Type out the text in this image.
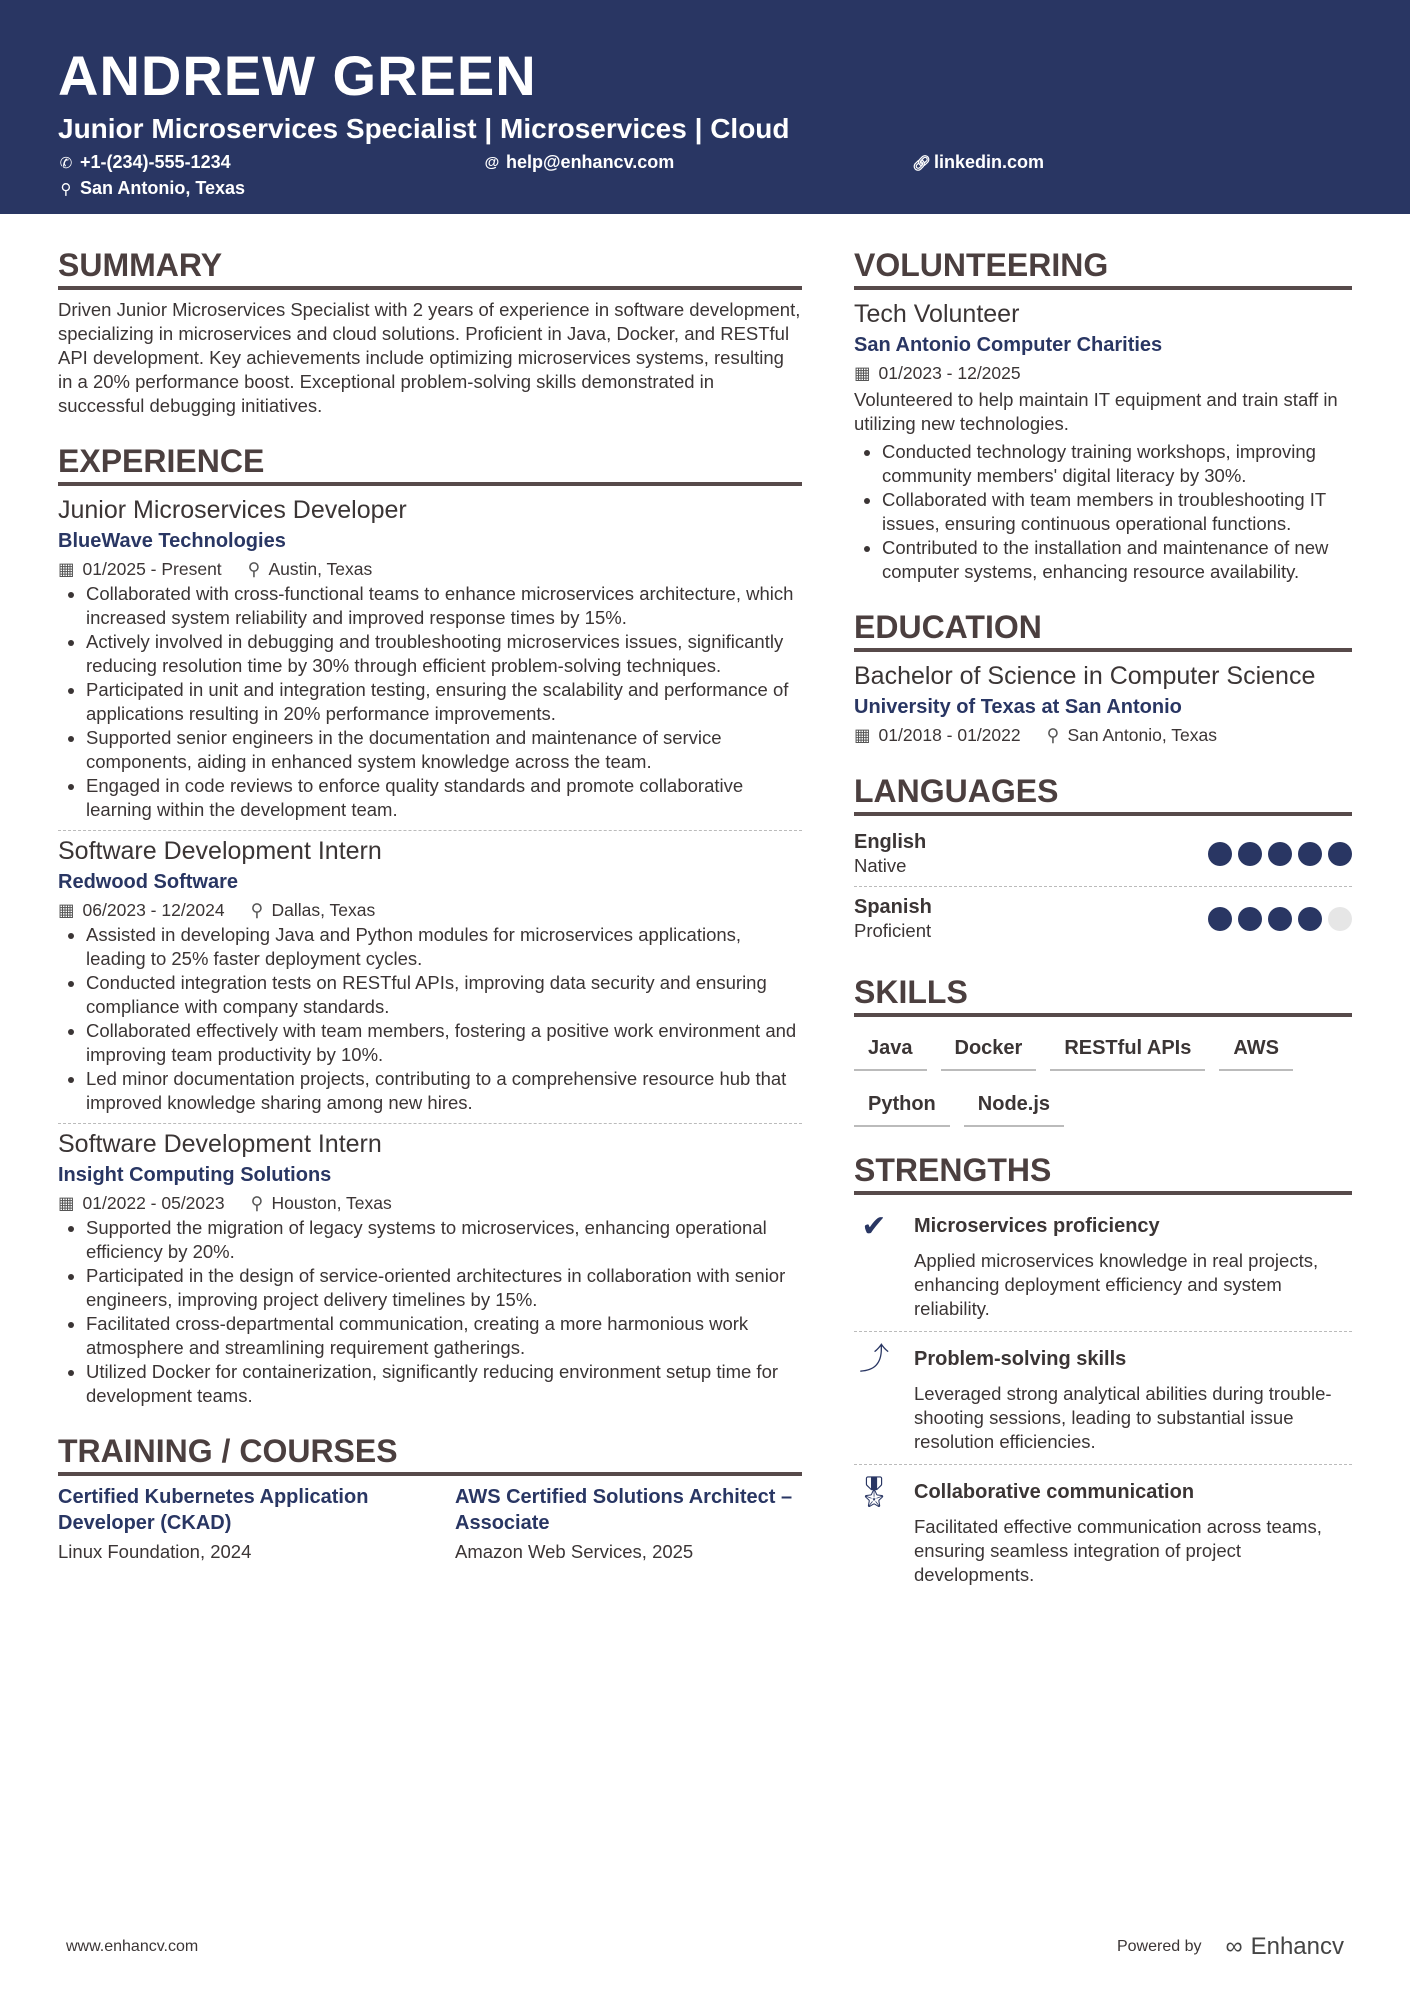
ANDREW GREEN
Junior Microservices Specialist | Microservices | Cloud
✆ +1-(234)-555-1234	@ help@enhancv.com	🔗︎ linkedin.com
⚲ San Antonio, Texas
SUMMARY
Driven Junior Microservices Specialist with 2 years of experience in software development, specializing in microservices and cloud solutions. Proficient in Java, Docker, and RESTful API development. Key achievements include optimizing microservices systems, resulting in a 20% performance boost. Exceptional problem-solving skills demonstrated in successful debugging initiatives.
EXPERIENCE
Junior Microservices Developer
BlueWave Technologies
▦ 01/2025 - Present ⚲ Austin, Texas
• Collaborated with cross-functional teams to enhance microservices architecture, which increased system reliability and improved response times by 15%.
• Actively involved in debugging and troubleshooting microservices issues, significantly reducing resolution time by 30% through efficient problem-solving techniques.
• Participated in unit and integration testing, ensuring the scalability and performance of applications resulting in 20% performance improvements.
• Supported senior engineers in the documentation and maintenance of service components, aiding in enhanced system knowledge across the team.
• Engaged in code reviews to enforce quality standards and promote collaborative learning within the development team.
Software Development Intern
Redwood Software
▦ 06/2023 - 12/2024 ⚲ Dallas, Texas
• Assisted in developing Java and Python modules for microservices applications, leading to 25% faster deployment cycles.
• Conducted integration tests on RESTful APIs, improving data security and ensuring compliance with company standards.
• Collaborated effectively with team members, fostering a positive work environment and improving team productivity by 10%.
• Led minor documentation projects, contributing to a comprehensive resource hub that improved knowledge sharing among new hires.
Software Development Intern
Insight Computing Solutions
▦ 01/2022 - 05/2023 ⚲ Houston, Texas
• Supported the migration of legacy systems to microservices, enhancing operational efficiency by 20%.
• Participated in the design of service-oriented architectures in collaboration with senior engineers, improving project delivery timelines by 15%.
• Facilitated cross-departmental communication, creating a more harmonious work atmosphere and streamlining requirement gatherings.
• Utilized Docker for containerization, significantly reducing environment setup time for development teams.
TRAINING / COURSES
Certified Kubernetes Application Developer (CKAD)
Linux Foundation, 2024
AWS Certified Solutions Architect – Associate
Amazon Web Services, 2025
VOLUNTEERING
Tech Volunteer
San Antonio Computer Charities
▦ 01/2023 - 12/2025
Volunteered to help maintain IT equipment and train staff in utilizing new technologies.
• Conducted technology training workshops, improving community members' digital literacy by 30%.
• Collaborated with team members in troubleshooting IT issues, ensuring continuous operational functions.
• Contributed to the installation and maintenance of new computer systems, enhancing resource availability.
EDUCATION
Bachelor of Science in Computer Science
University of Texas at San Antonio
▦ 01/2018 - 01/2022 ⚲ San Antonio, Texas
LANGUAGES
English
Native
Spanish
Proficient
SKILLS
Java	Docker	RESTful APIs	AWS
Python	Node.js
STRENGTHS
✔	Microservices proficiency
Applied microservices knowledge in real projects, enhancing deployment efficiency and system reliability.
⤴ Problem-solving skills
Leveraged strong analytical abilities during trouble-shooting sessions, leading to substantial issue resolution efficiencies.
🎖︎ Collaborative communication
Facilitated effective communication across teams, ensuring seamless integration of project developments.
www.enhancv.com	Powered by ∞ Enhancv
